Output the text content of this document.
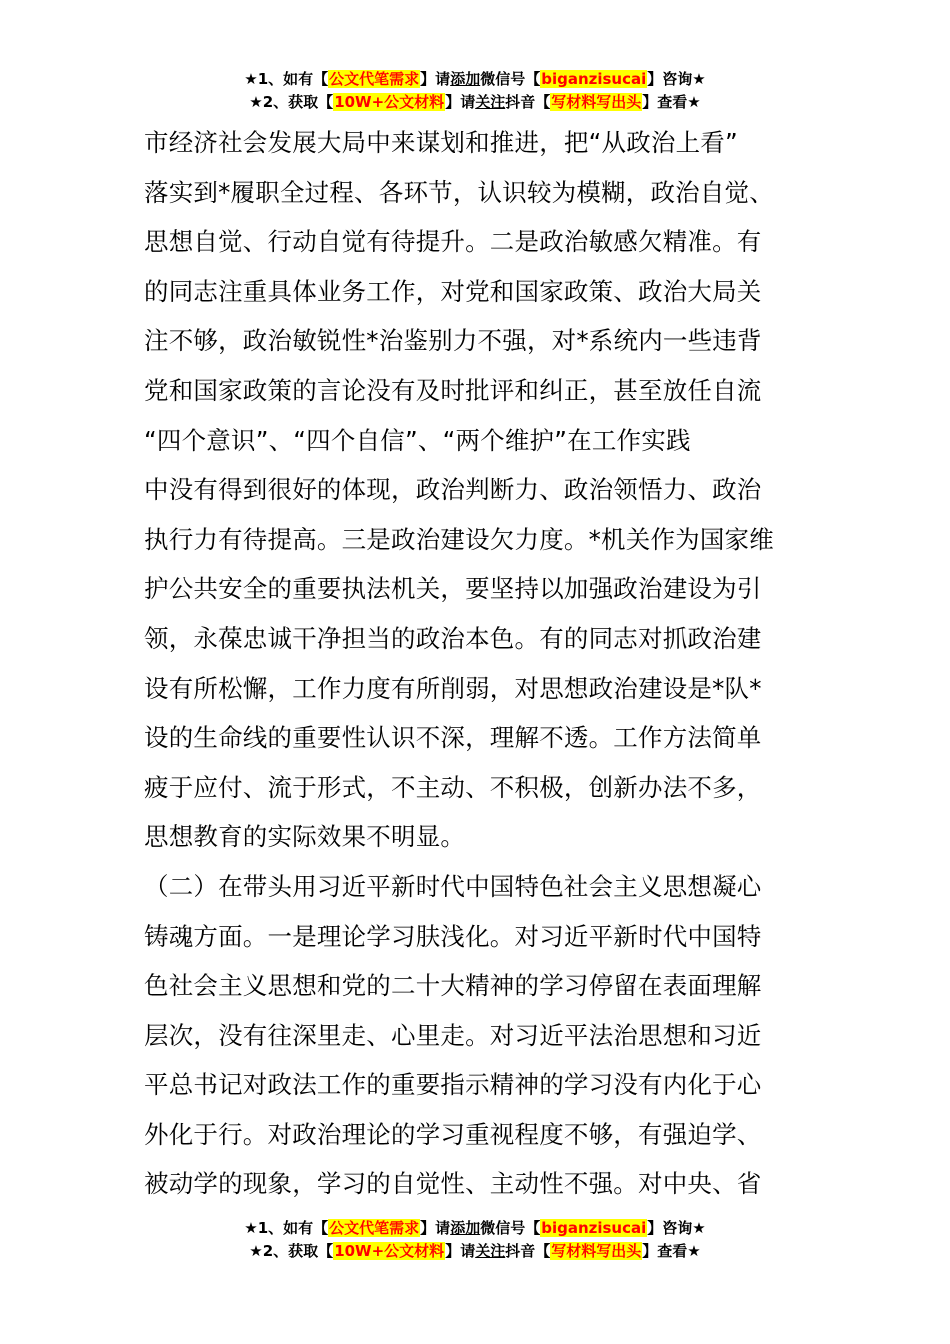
★1、如有【公文代笔需求】请添加微信号【biganzisucai】咨询★
★2、获取【10W+公文材料】请关注抖音【写材料写出头】查看★
市经济社会发展大局中来谋划和推进，把“从政治上看”
落实到*履职全过程、各环节，认识较为模糊，政治自觉、
思想自觉、行动自觉有待提升。二是政治敏感欠精准。有
的同志注重具体业务工作，对党和国家政策、政治大局关
注不够，政治敏锐性*治鉴别力不强，对*系统内一些违背
党和国家政策的言论没有及时批评和纠正，甚至放任自流
“四个意识”、“四个自信”、“两个维护”在工作实践
中没有得到很好的体现，政治判断力、政治领悟力、政治
执行力有待提高。三是政治建设欠力度。*机关作为国家维
护公共安全的重要执法机关，要坚持以加强政治建设为引
领，永葆忠诚干净担当的政治本色。有的同志对抓政治建
设有所松懈，工作力度有所削弱，对思想政治建设是*队*
设的生命线的重要性认识不深，理解不透。工作方法简单
疲于应付、流于形式，不主动、不积极，创新办法不多，
思想教育的实际效果不明显。
（二）在带头用习近平新时代中国特色社会主义思想凝心
铸魂方面。一是理论学习肤浅化。对习近平新时代中国特
色社会主义思想和党的二十大精神的学习停留在表面理解
层次，没有往深里走、心里走。对习近平法治思想和习近
平总书记对政法工作的重要指示精神的学习没有内化于心
外化于行。对政治理论的学习重视程度不够，有强迫学、
被动学的现象，学习的自觉性、主动性不强。对中央、省
★1、如有【公文代笔需求】请添加微信号【biganzisucai】咨询★
★2、获取【10W+公文材料】请关注抖音【写材料写出头】查看★
